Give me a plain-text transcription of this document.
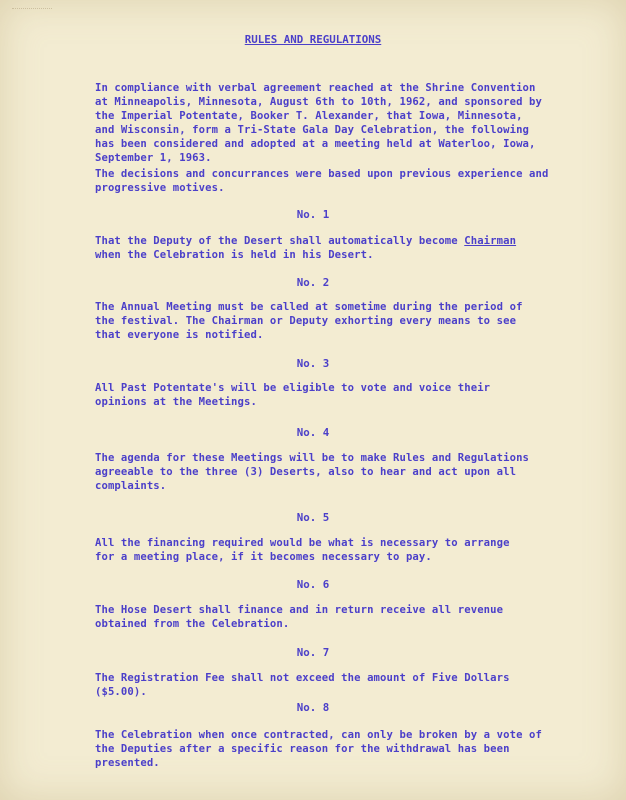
RULES AND REGULATIONS
In compliance with verbal agreement reached at the Shrine Convention at Minneapolis, Minnesota, August 6th to 10th, 1962, and sponsored by the Imperial Potentate, Booker T. Alexander, that Iowa, Minnesota, and Wisconsin, form a Tri-State Gala Day Celebration, the following has been considered and adopted at a meeting held at Waterloo, Iowa, September 1, 1963.
The decisions and concurrances were based upon previous experience and progressive motives.
No. 1
That the Deputy of the Desert shall automatically become Chairman when the Celebration is held in his Desert.
No. 2
The Annual Meeting must be called at sometime during the period of the festival. The Chairman or Deputy exhorting every means to see that everyone is notified.
No. 3
All Past Potentate's will be eligible to vote and voice their opinions at the Meetings.
No. 4
The agenda for these Meetings will be to make Rules and Regulations agreeable to the three (3) Deserts, also to hear and act upon all complaints.
No. 5
All the financing required would be what is necessary to arrange for a meeting place, if it becomes necessary to pay.
No. 6
The Hose Desert shall finance and in return receive all revenue obtained from the Celebration.
No. 7
The Registration Fee shall not exceed the amount of Five Dollars ($5.00).
No. 8
The Celebration when once contracted, can only be broken by a vote of the Deputies after a specific reason for the withdrawal has been presented.
